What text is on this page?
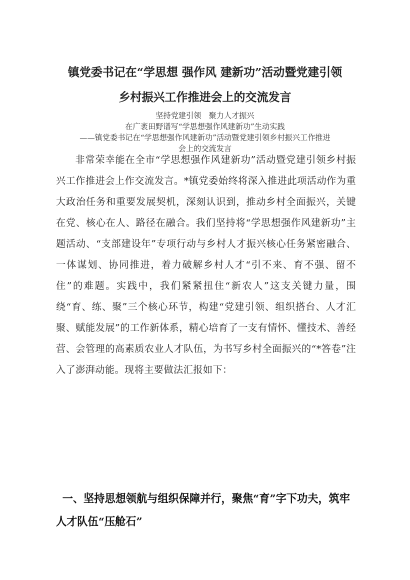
镇党委书记在“学思想 强作风 建新功”活动暨党建引领
乡村振兴工作推进会上的交流发言
坚持党建引领　聚力人才振兴
在广袤田野谱写“学思想强作风建新功”生动实践
——镇党委书记在“学思想强作风建新功”活动暨党建引领乡村振兴工作推进
会上的交流发言

非常荣幸能在全市“学思想强作风建新功”活动暨党建引领乡村振兴工作推进会上作交流发言。*镇党委始终将深入推进此项活动作为重大政治任务和重要发展契机，深刻认识到，推动乡村全面振兴，关键在党、核心在人、路径在融合。我们坚持将“学思想强作风建新功”主题活动、“支部建设年”专项行动与乡村人才振兴核心任务紧密融合、一体谋划、协同推进，着力破解乡村人才“引不来、育不强、留不住”的难题。实践中，我们紧紧扭住“新农人”这支关键力量，围绕“育、练、聚”三个核心环节，构建“党建引领、组织搭台、人才汇聚、赋能发展”的工作新体系，精心培育了一支有情怀、懂技术、善经营、会管理的高素质农业人才队伍，为书写乡村全面振兴的“*答卷”注入了澎湃动能。现将主要做法汇报如下：

一、坚持思想领航与组织保障并行，聚焦“育”字下功夫，筑牢人才队伍“压舱石”
